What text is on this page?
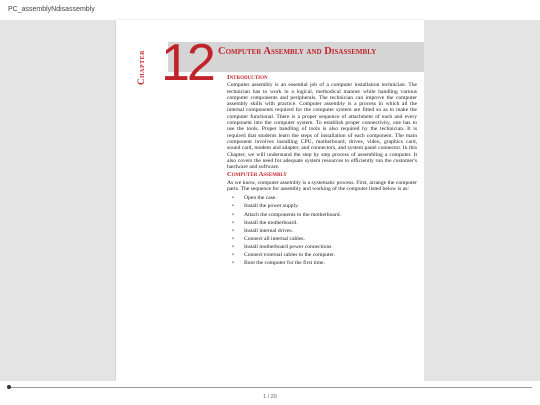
PC_assemblyNdisassembly
Chapter 12 Computer Assembly and Disassembly
Introduction

Computer assembly is an essential job of a computer installation technician. The technician has to work in a logical, methodical manner while handling various computer components and peripherals. The technician can improve the computer assembly skills with practice. Computer assembly is a process in which all the internal components required for the computer system are fitted so as to make the computer functional. There is a proper sequence of attachment of each and every component into the computer system. To establish proper connectivity, one has to use the tools. Proper handling of tools is also required by the technician. It is required that students learn the steps of installation of each component. The main component involves installing CPU, motherboard, drives, video, graphics card, sound card, modem and adapter, and connectors, and system panel connector. In this Chapter, we will understand the step by step process of assembling a computer. It also covers the need for adequate system resources to efficiently run the customer's hardware and software.

Computer Assembly

As we know, computer assembly is a systematic process. First, arrange the computer parts. The sequence for assembly and working of the computer listed below is as:

• Open the case.
• Install the power supply.
• Attach the components to the motherboard.
• Install the motherboard.
• Install internal drives.
• Connect all internal cables.
• Install motherboard power connections
• Connect external cables to the computer.
• Boot the computer for the first time.
1 / 29
